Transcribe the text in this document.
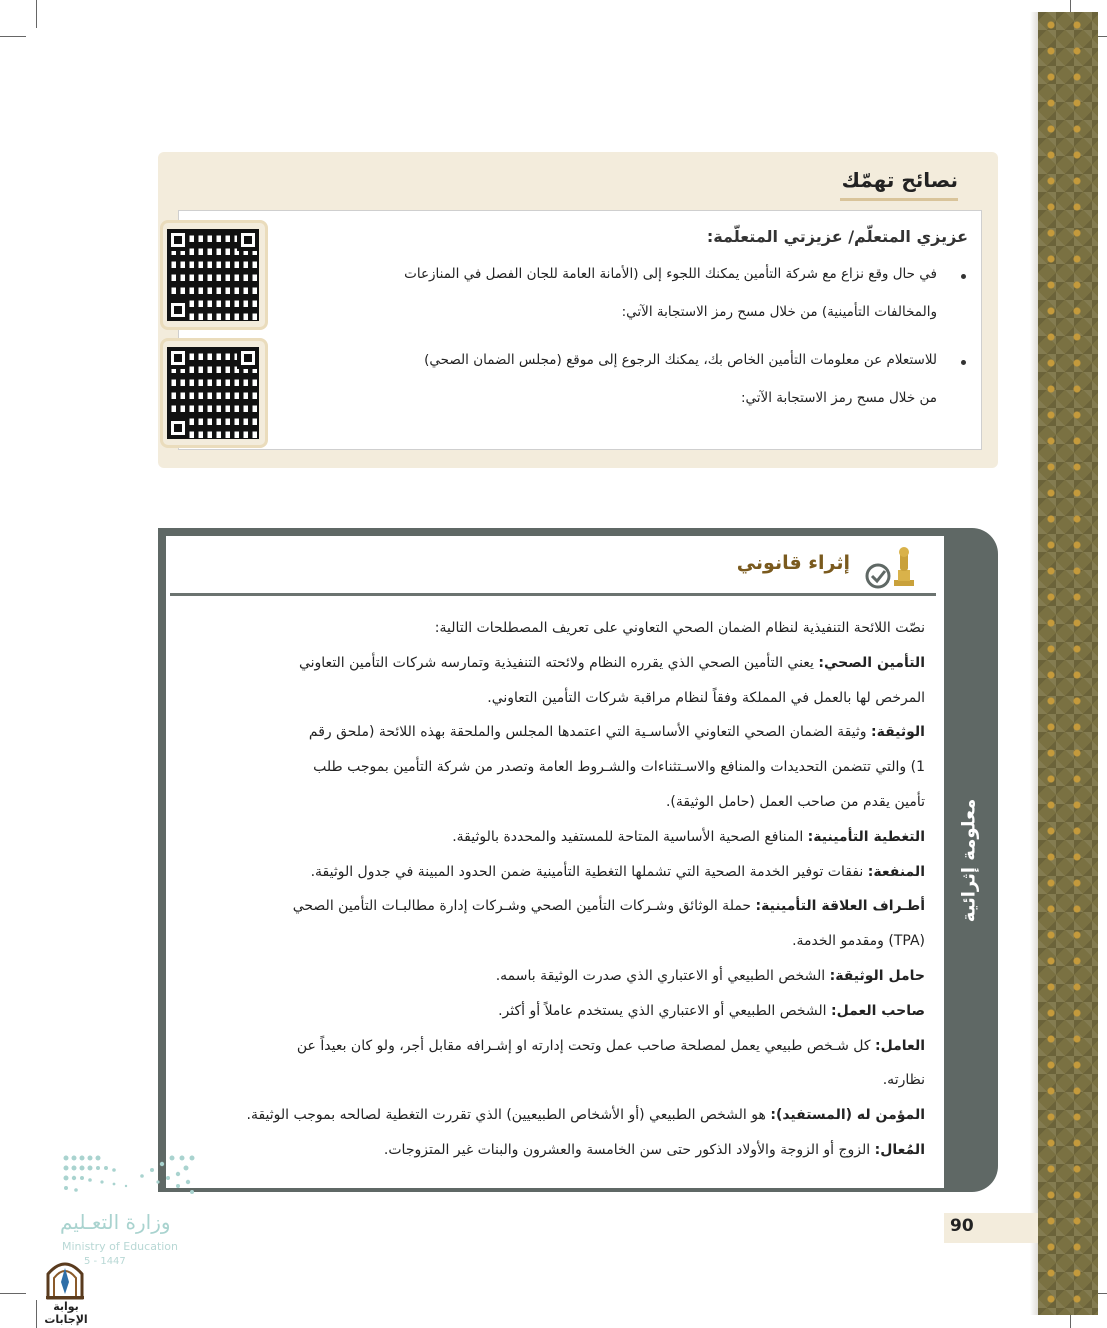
نصائح تهمّك
عزيزي المتعلّم/ عزيزتي المتعلّمة:
في حال وقع نزاع مع شركة التأمين يمكنك اللجوء إلى (الأمانة العامة للجان الفصل في المنازعات
والمخالفات التأمينية) من خلال مسح رمز الاستجابة الآتي:
للاستعلام عن معلومات التأمين الخاص بك، يمكنك الرجوع إلى موقع (مجلس الضمان الصحي)
من خلال مسح رمز الاستجابة الآتي:
إثراء قانوني
معلومة إثرائية
نصّت اللائحة التنفيذية لنظام الضمان الصحي التعاوني على تعريف المصطلحات التالية:
التأمين الصحي: يعني التأمين الصحي الذي يقرره النظام ولائحته التنفيذية وتمارسه شركات التأمين التعاوني
المرخص لها بالعمل في المملكة وفقاً لنظام مراقبة شركات التأمين التعاوني.
الوثيقة: وثيقة الضمان الصحي التعاوني الأساسـية التي اعتمدها المجلس والملحقة بهذه اللائحة (ملحق رقم
1) والتي تتضمن التحديدات والمنافع والاسـتثناءات والشـروط العامة وتصدر من شركة التأمين بموجب طلب
تأمين يقدم من صاحب العمل (حامل الوثيقة).
التغطية التأمينية: المنافع الصحية الأساسية المتاحة للمستفيد والمحددة بالوثيقة.
المنفعة: نفقات توفير الخدمة الصحية التي تشملها التغطية التأمينية ضمن الحدود المبينة في جدول الوثيقة.
أطـراف العلاقة التأمينية: حملة الوثائق وشـركات التأمين الصحي وشـركات إدارة مطالبـات التأمين الصحي
(TPA) ومقدمو الخدمة.
حامل الوثيقة: الشخص الطبيعي أو الاعتباري الذي صدرت الوثيقة باسمه.
صاحب العمل: الشخص الطبيعي أو الاعتباري الذي يستخدم عاملاً أو أكثر.
العامل: كل شـخص طبيعي يعمل لمصلحة صاحب عمل وتحت إدارته او إشـرافه مقابل أجر، ولو كان بعيداً عن
نظارته.
المؤمن له (المستفيد): هو الشخص الطبيعي (أو الأشخاص الطبيعيين) الذي تقررت التغطية لصالحه بموجب الوثيقة.
المُعال: الزوج أو الزوجة والأولاد الذكور حتى سن الخامسة والعشرون والبنات غير المتزوجات.
90
وزارة التعـليم
Ministry of Education
5 - 1447
بوابة الإجابات
